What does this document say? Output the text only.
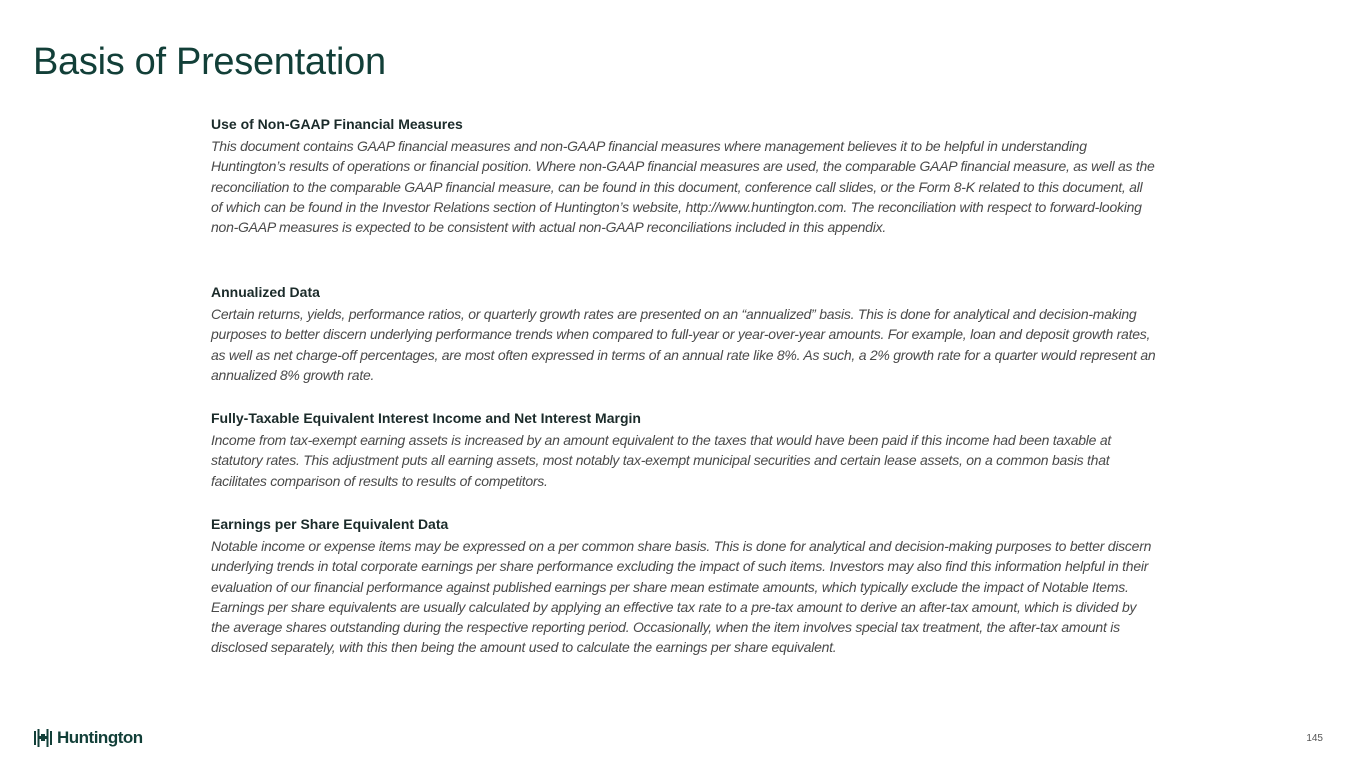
Basis of Presentation

Use of Non-GAAP Financial Measures

This document contains GAAP financial measures and non-GAAP financial measures where management believes it to be helpful in understanding Huntington’s results of operations or financial position. Where non-GAAP financial measures are used, the comparable GAAP financial measure, as well as the reconciliation to the comparable GAAP financial measure, can be found in this document, conference call slides, or the Form 8-K related to this document, all of which can be found in the Investor Relations section of Huntington’s website, http://www.huntington.com. The reconciliation with respect to forward-looking non-GAAP measures is expected to be consistent with actual non-GAAP reconciliations included in this appendix.

Annualized Data

Certain returns, yields, performance ratios, or quarterly growth rates are presented on an “annualized” basis. This is done for analytical and decision-making purposes to better discern underlying performance trends when compared to full-year or year-over-year amounts. For example, loan and deposit growth rates, as well as net charge-off percentages, are most often expressed in terms of an annual rate like 8%. As such, a 2% growth rate for a quarter would represent an annualized 8% growth rate.

Fully-Taxable Equivalent Interest Income and Net Interest Margin

Income from tax-exempt earning assets is increased by an amount equivalent to the taxes that would have been paid if this income had been taxable at statutory rates. This adjustment puts all earning assets, most notably tax-exempt municipal securities and certain lease assets, on a common basis that facilitates comparison of results to results of competitors.

Earnings per Share Equivalent Data

Notable income or expense items may be expressed on a per common share basis. This is done for analytical and decision-making purposes to better discern underlying trends in total corporate earnings per share performance excluding the impact of such items. Investors may also find this information helpful in their evaluation of our financial performance against published earnings per share mean estimate amounts, which typically exclude the impact of Notable Items. Earnings per share equivalents are usually calculated by applying an effective tax rate to a pre-tax amount to derive an after-tax amount, which is divided by the average shares outstanding during the respective reporting period. Occasionally, when the item involves special tax treatment, the after-tax amount is disclosed separately, with this then being the amount used to calculate the earnings per share equivalent.

Huntington	145
